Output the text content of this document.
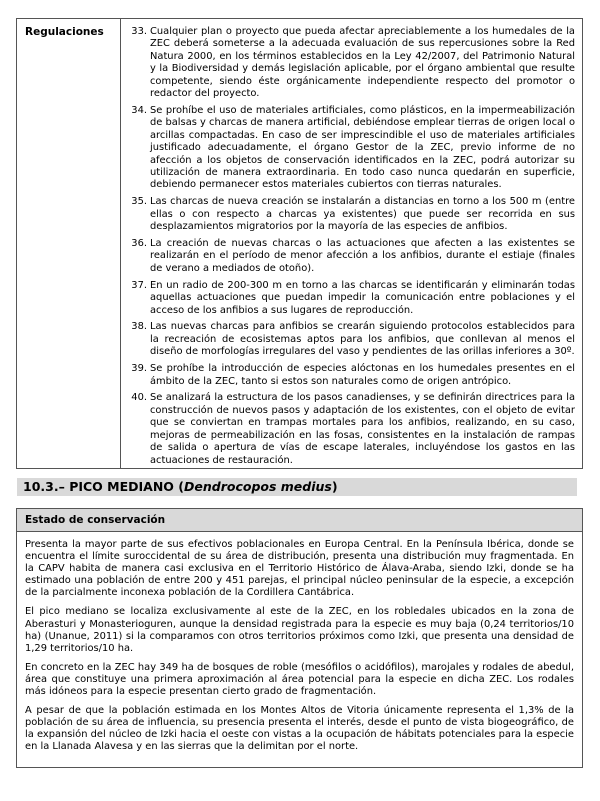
Regulaciones	33. Cualquier plan o proyecto que pueda afectar apreciablemente a los humedales de la ZEC deberá someterse a la adecuada evaluación de sus repercusiones sobre la Red Natura 2000, en los términos establecidos en la Ley 42/2007, del Patrimonio Natural y la Biodiversidad y demás legislación aplicable, por el órgano ambiental que resulte competente, siendo éste orgánicamente independiente respecto del promotor o redactor del proyecto.
34. Se prohíbe el uso de materiales artificiales, como plásticos, en la impermeabilización de balsas y charcas de manera artificial, debiéndose emplear tierras de origen local o arcillas compactadas. En caso de ser imprescindible el uso de materiales artificiales justificado adecuadamente, el órgano Gestor de la ZEC, previo informe de no afección a los objetos de conservación identificados en la ZEC, podrá autorizar su utilización de manera extraordinaria. En todo caso nunca quedarán en superficie, debiendo permanecer estos materiales cubiertos con tierras naturales.
35. Las charcas de nueva creación se instalarán a distancias en torno a los 500 m (entre ellas o con respecto a charcas ya existentes) que puede ser recorrida en sus desplazamientos migratorios por la mayoría de las especies de anfibios.
36. La creación de nuevas charcas o las actuaciones que afecten a las existentes se realizarán en el período de menor afección a los anfibios, durante el estiaje (finales de verano a mediados de otoño).
37. En un radio de 200-300 m en torno a las charcas se identificarán y eliminarán todas aquellas actuaciones que puedan impedir la comunicación entre poblaciones y el acceso de los anfibios a sus lugares de reproducción.
38. Las nuevas charcas para anfibios se crearán siguiendo protocolos establecidos para la recreación de ecosistemas aptos para los anfibios, que conllevan al menos el diseño de morfologías irregulares del vaso y pendientes de las orillas inferiores a 30º.
39. Se prohíbe la introducción de especies alóctonas en los humedales presentes en el ámbito de la ZEC, tanto si estos son naturales como de origen antrópico.
40. Se analizará la estructura de los pasos canadienses, y se definirán directrices para la construcción de nuevos pasos y adaptación de los existentes, con el objeto de evitar que se conviertan en trampas mortales para los anfibios, realizando, en su caso, mejoras de permeabilización en las fosas, consistentes en la instalación de rampas de salida o apertura de vías de escape laterales, incluyéndose los gastos en las actuaciones de restauración.
10.3.– PICO MEDIANO (Dendrocopos medius)
Estado de conservación

Presenta la mayor parte de sus efectivos poblacionales en Europa Central. En la Península Ibérica, donde se encuentra el límite suroccidental de su área de distribución, presenta una distribución muy fragmentada. En la CAPV habita de manera casi exclusiva en el Territorio Histórico de Álava-Araba, siendo Izki, donde se ha estimado una población de entre 200 y 451 parejas, el principal núcleo peninsular de la especie, a excepción de la parcialmente inconexa población de la Cordillera Cantábrica.

El pico mediano se localiza exclusivamente al este de la ZEC, en los robledales ubicados en la zona de Aberasturi y Monasterioguren, aunque la densidad registrada para la especie es muy baja (0,24 territorios/10 ha) (Unanue, 2011) si la comparamos con otros territorios próximos como Izki, que presenta una densidad de 1,29 territorios/10 ha.

En concreto en la ZEC hay 349 ha de bosques de roble (mesófilos o acidófilos), marojales y rodales de abedul, área que constituye una primera aproximación al área potencial para la especie en dicha ZEC. Los rodales más idóneos para la especie presentan cierto grado de fragmentación.

A pesar de que la población estimada en los Montes Altos de Vitoria únicamente representa el 1,3% de la población de su área de influencia, su presencia presenta el interés, desde el punto de vista biogeográfico, de la expansión del núcleo de Izki hacia el oeste con vistas a la ocupación de hábitats potenciales para la especie en la Llanada Alavesa y en las sierras que la delimitan por el norte.
